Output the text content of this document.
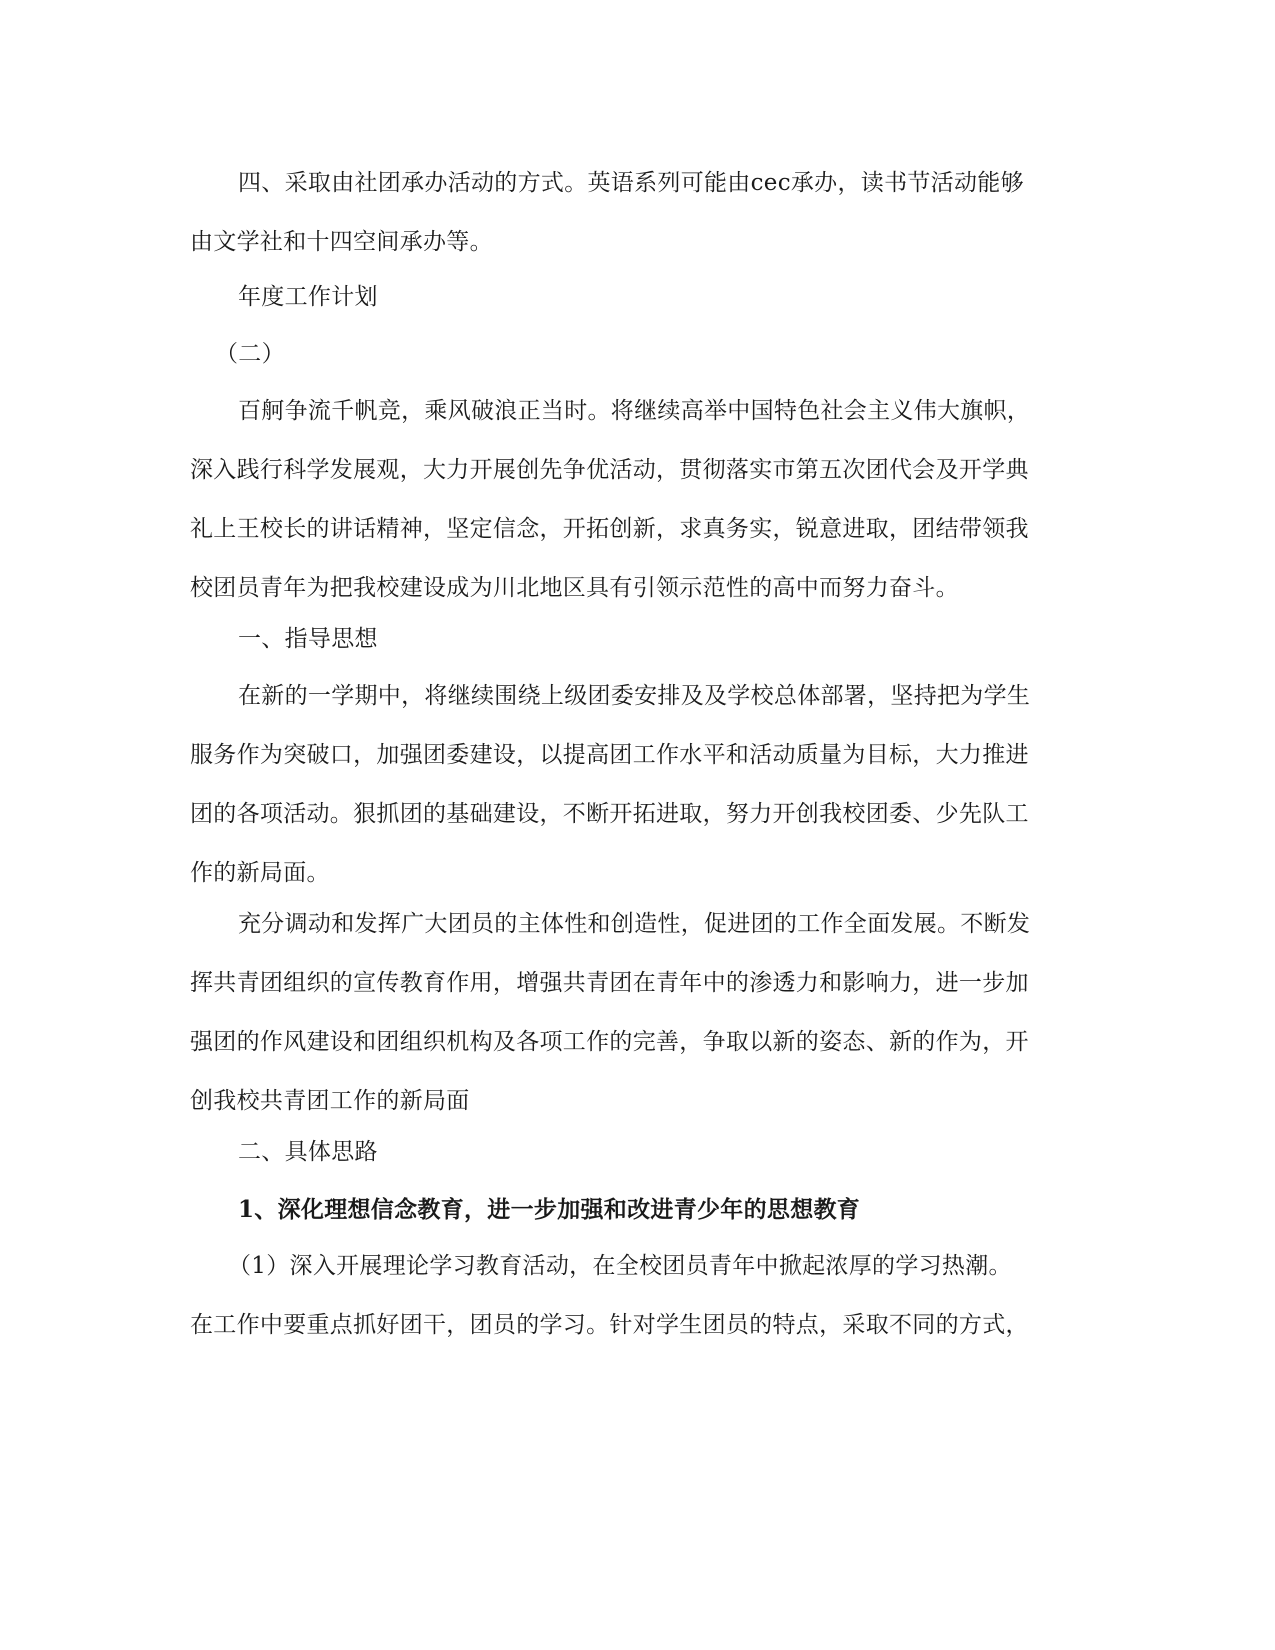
四、采取由社团承办活动的方式。英语系列可能由cec承办，读书节活动能够
由文学社和十四空间承办等。
年度工作计划
（二）
百舸争流千帆竞，乘风破浪正当时。将继续高举中国特色社会主义伟大旗帜，
深入践行科学发展观，大力开展创先争优活动，贯彻落实市第五次团代会及开学典
礼上王校长的讲话精神，坚定信念，开拓创新，求真务实，锐意进取，团结带领我
校团员青年为把我校建设成为川北地区具有引领示范性的高中而努力奋斗。
一、指导思想
在新的一学期中，将继续围绕上级团委安排及及学校总体部署，坚持把为学生
服务作为突破口，加强团委建设，以提高团工作水平和活动质量为目标，大力推进
团的各项活动。狠抓团的基础建设，不断开拓进取，努力开创我校团委、少先队工
作的新局面。
充分调动和发挥广大团员的主体性和创造性，促进团的工作全面发展。不断发
挥共青团组织的宣传教育作用，增强共青团在青年中的渗透力和影响力，进一步加
强团的作风建设和团组织机构及各项工作的完善，争取以新的姿态、新的作为，开
创我校共青团工作的新局面
二、具体思路
1、深化理想信念教育，进一步加强和改进青少年的思想教育
（1）深入开展理论学习教育活动，在全校团员青年中掀起浓厚的学习热潮。
在工作中要重点抓好团干，团员的学习。针对学生团员的特点，采取不同的方式，
